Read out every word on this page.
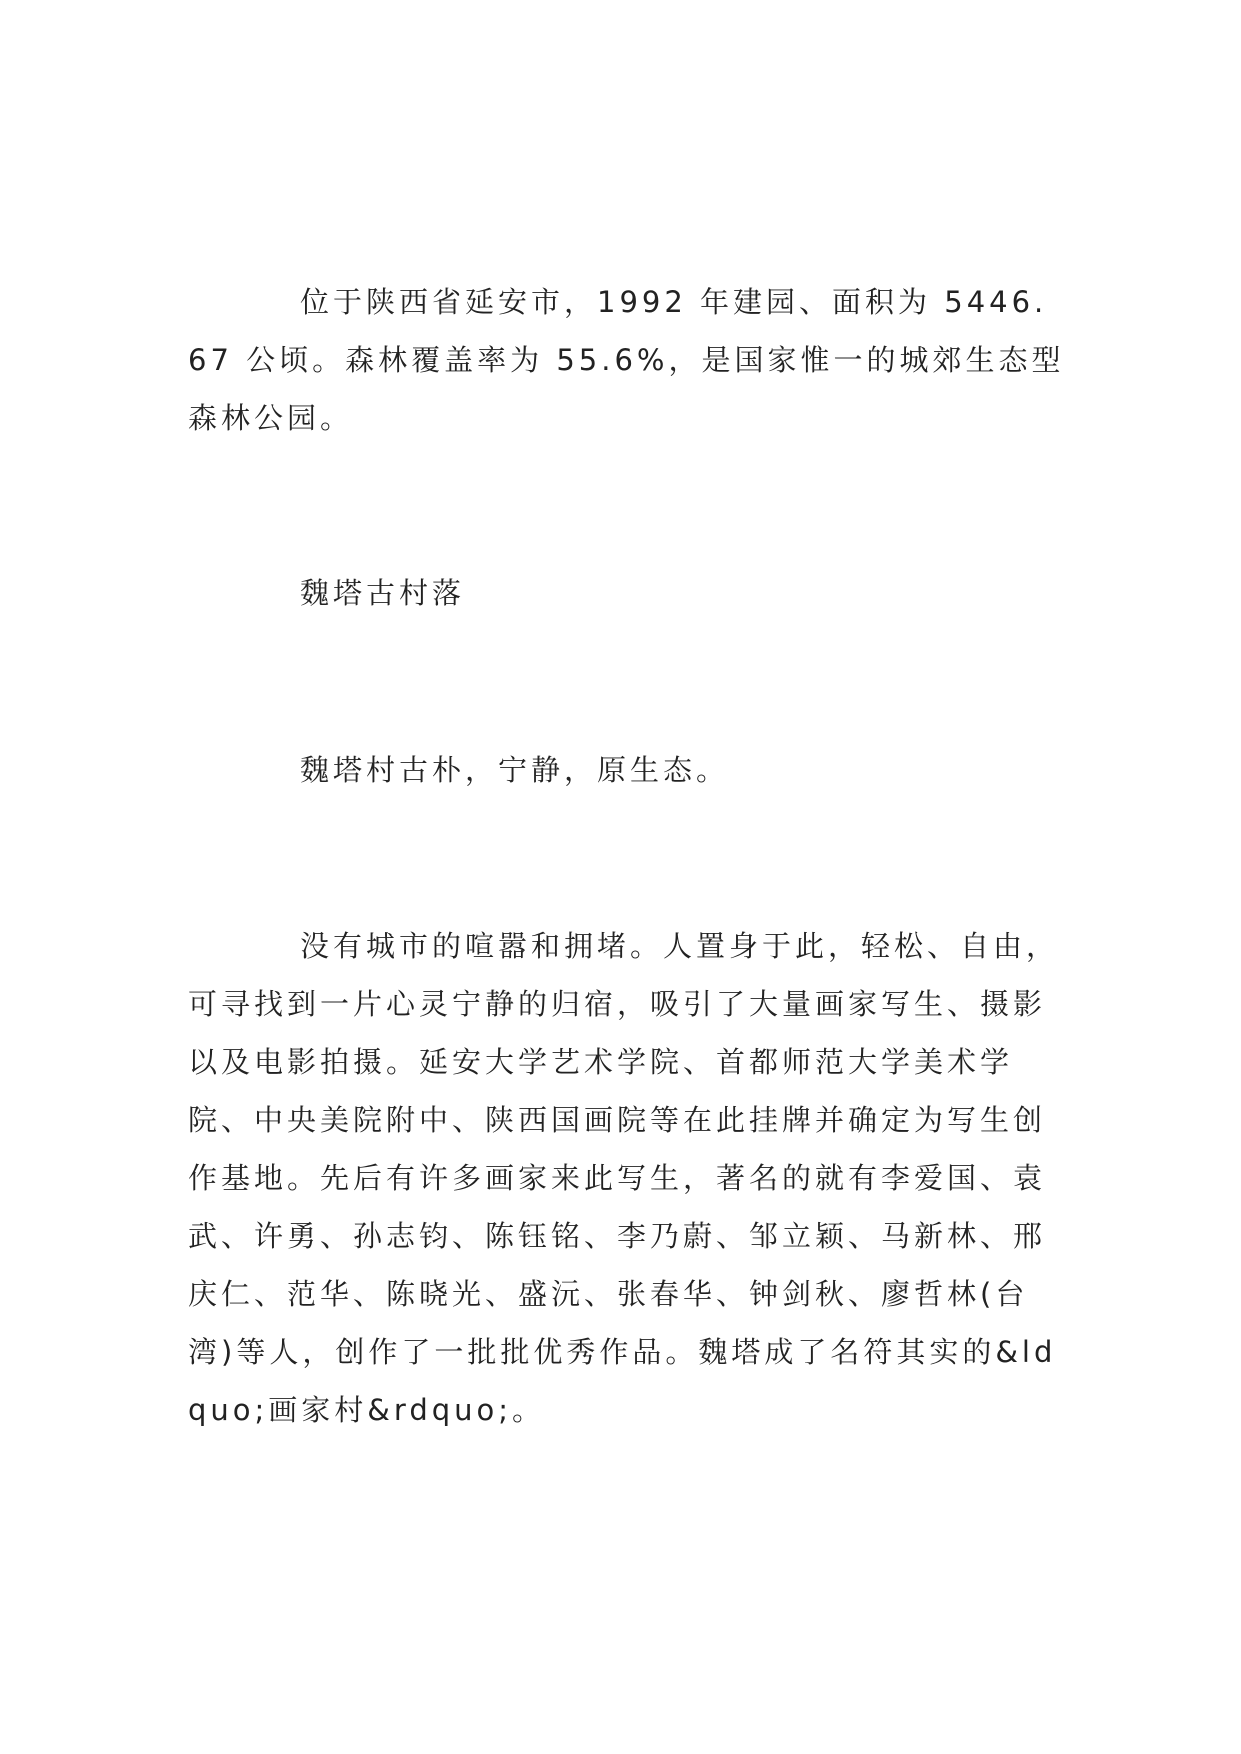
位于陕西省延安市，1992 年建园、面积为 5446.67 公顷。森林覆盖率为 55.6%，是国家惟一的城郊生态型森林公园。

魏塔古村落

魏塔村古朴，宁静，原生态。

没有城市的喧嚣和拥堵。人置身于此，轻松、自由，可寻找到一片心灵宁静的归宿，吸引了大量画家写生、摄影以及电影拍摄。延安大学艺术学院、首都师范大学美术学院、中央美院附中、陕西国画院等在此挂牌并确定为写生创作基地。先后有许多画家来此写生，著名的就有李爱国、袁武、许勇、孙志钧、陈钰铭、李乃蔚、邹立颖、马新林、邢庆仁、范华、陈晓光、盛沅、张春华、钟剑秋、廖哲林(台湾)等人，创作了一批批优秀作品。魏塔成了名符其实的&ldquo;画家村&rdquo;。
